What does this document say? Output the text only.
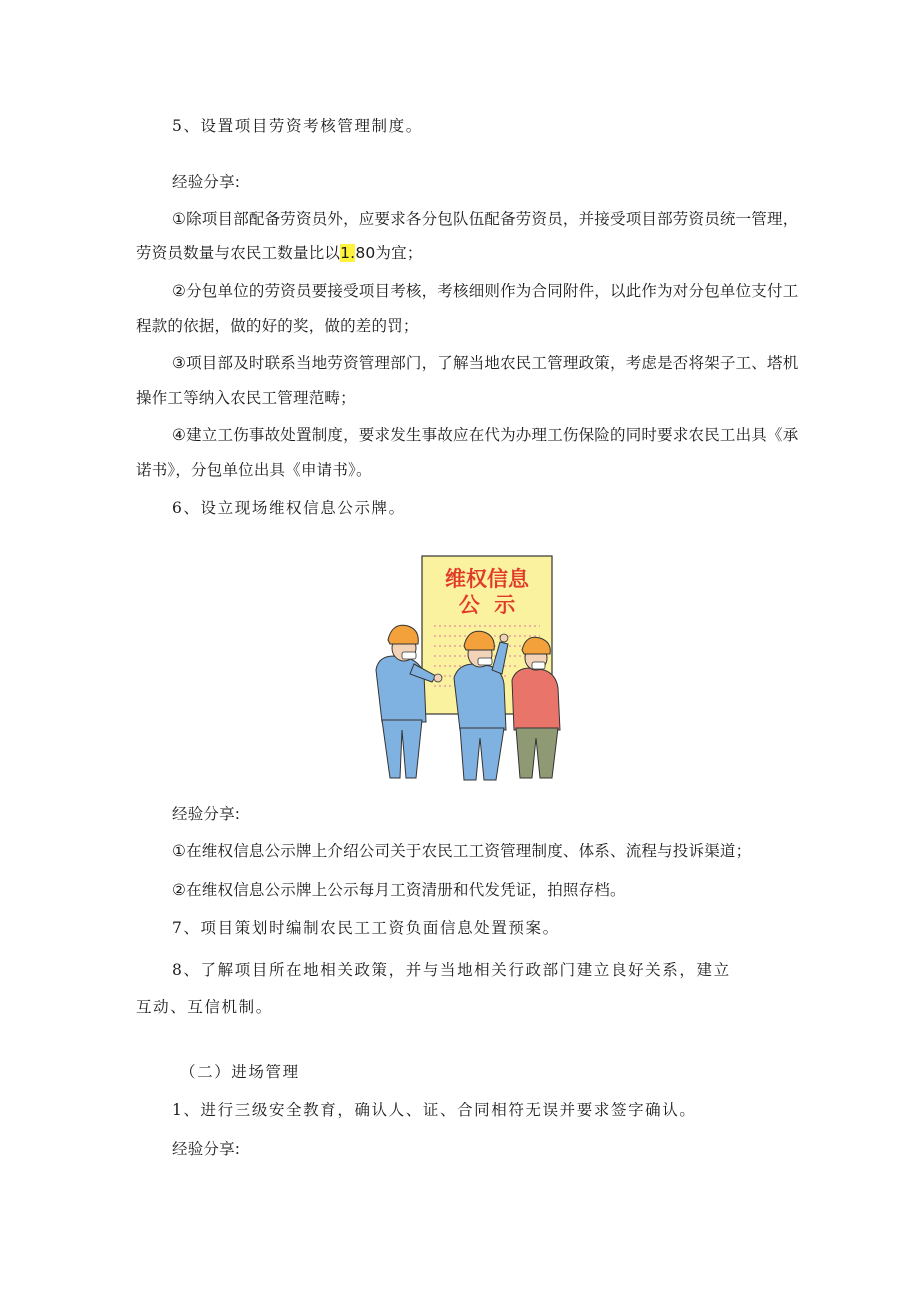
5、设置项目劳资考核管理制度。
经验分享:
①除项目部配备劳资员外，应要求各分包队伍配备劳资员，并接受项目部劳资员统一管理，
劳资员数量与农民工数量比以1.80为宜；
②分包单位的劳资员要接受项目考核，考核细则作为合同附件，以此作为对分包单位支付工
程款的依据，做的好的奖，做的差的罚；
③项目部及时联系当地劳资管理部门，了解当地农民工管理政策，考虑是否将架子工、塔机
操作工等纳入农民工管理范畴；
④建立工伤事故处置制度，要求发生事故应在代为办理工伤保险的同时要求农民工出具《承
诺书》，分包单位出具《申请书》。
6、设立现场维权信息公示牌。
维权信息
公  示
经验分享:
①在维权信息公示牌上介绍公司关于农民工工资管理制度、体系、流程与投诉渠道；
②在维权信息公示牌上公示每月工资清册和代发凭证，拍照存档。
7、项目策划时编制农民工工资负面信息处置预案。
8、了解项目所在地相关政策，并与当地相关行政部门建立良好关系，建立
互动、互信机制。
（二）进场管理
1、进行三级安全教育，确认人、证、合同相符无误并要求签字确认。
经验分享:
